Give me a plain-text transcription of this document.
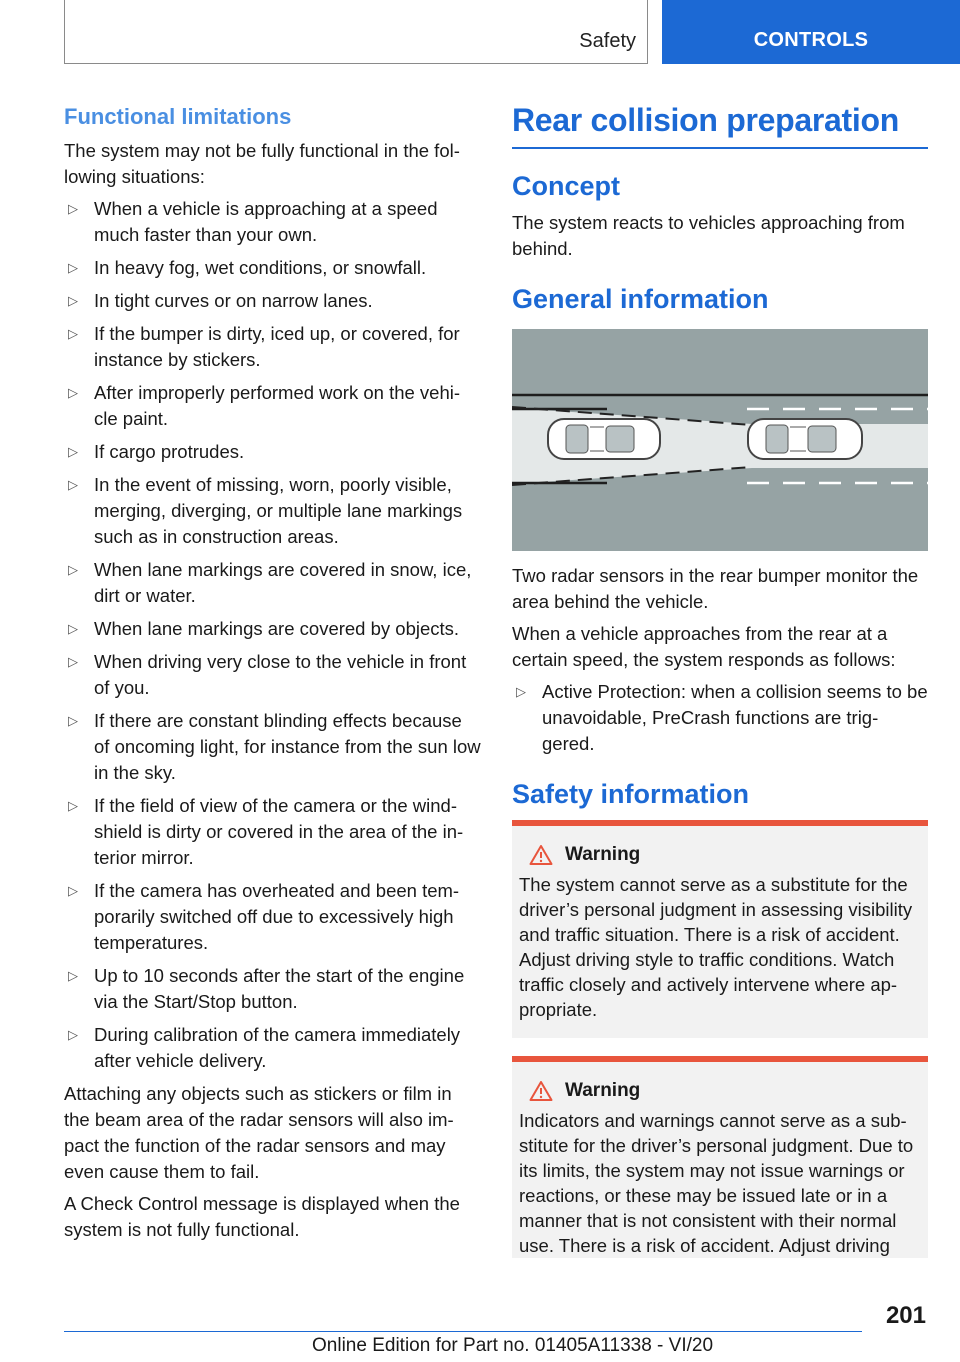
Safety	CONTROLS
Functional limitations

The system may not be fully functional in the fol-lowing situations:

▷ When a vehicle is approaching at a speed much faster than your own.
▷ In heavy fog, wet conditions, or snowfall.
▷ In tight curves or on narrow lanes.
▷ If the bumper is dirty, iced up, or covered, for instance by stickers.
▷ After improperly performed work on the vehi-cle paint.
▷ If cargo protrudes.
▷ In the event of missing, worn, poorly visible, merging, diverging, or multiple lane markings such as in construction areas.
▷ When lane markings are covered in snow, ice, dirt or water.
▷ When lane markings are covered by objects.
▷ When driving very close to the vehicle in front of you.
▷ If there are constant blinding effects because of oncoming light, for instance from the sun low in the sky.
▷ If the field of view of the camera or the wind-shield is dirty or covered in the area of the in-terior mirror.
▷ If the camera has overheated and been tem-porarily switched off due to excessively high temperatures.
▷ Up to 10 seconds after the start of the engine via the Start/Stop button.
▷ During calibration of the camera immediately after vehicle delivery.

Attaching any objects such as stickers or film in the beam area of the radar sensors will also im-pact the function of the radar sensors and may even cause them to fail.

A Check Control message is displayed when the system is not fully functional.

Rear collision preparation
Concept

The system reacts to vehicles approaching from behind.

General information

Two radar sensors in the rear bumper monitor the area behind the vehicle.

When a vehicle approaches from the rear at a certain speed, the system responds as follows:

▷ Active Protection: when a collision seems to be unavoidable, PreCrash functions are trig-gered.
Safety information
Warning

The system cannot serve as a substitute for the driver’s personal judgment in assessing visibility and traffic situation. There is a risk of accident. Adjust driving style to traffic conditions. Watch traffic closely and actively intervene where ap-propriate.

Warning

Indicators and warnings cannot serve as a sub-stitute for the driver’s personal judgment. Due to its limits, the system may not issue warnings or reactions, or these may be issued late or in a manner that is not consistent with their normal use. There is a risk of accident. Adjust driving

201
Online Edition for Part no. 01405A11338 - VI/20
